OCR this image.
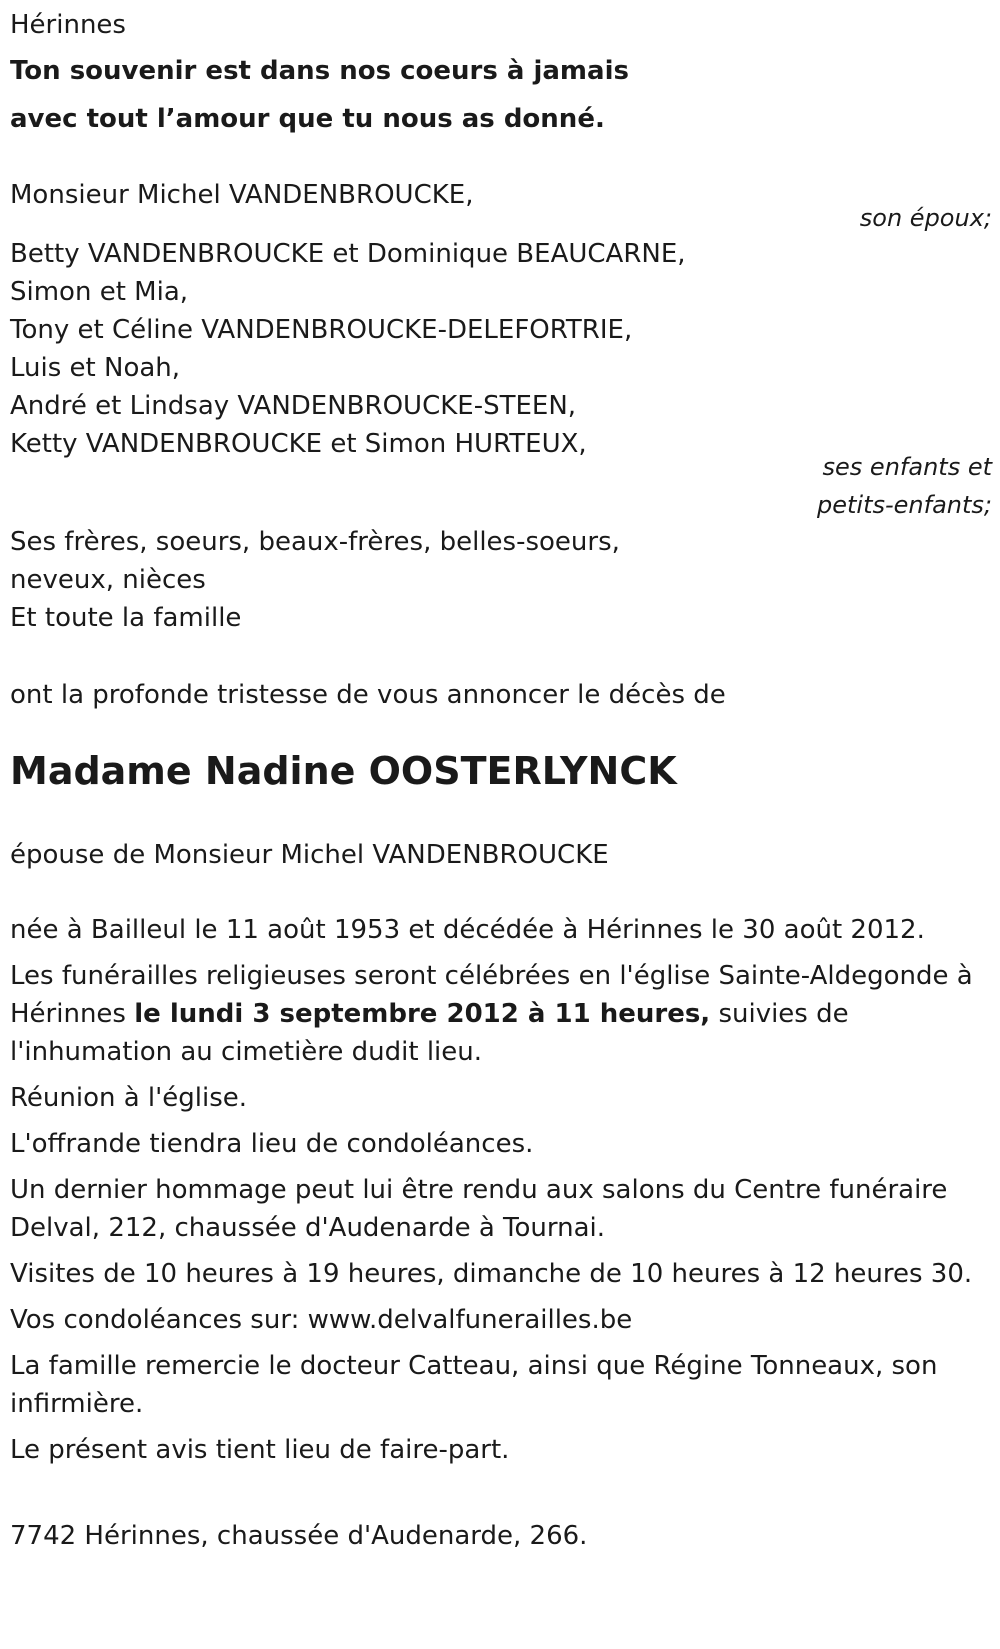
Hérinnes
Ton souvenir est dans nos coeurs à jamais
avec tout l’amour que tu nous as donné.
Monsieur Michel VANDENBROUCKE,
son époux;
Betty VANDENBROUCKE et Dominique BEAUCARNE,
Simon et Mia,
Tony et Céline VANDENBROUCKE-DELEFORTRIE,
Luis et Noah,
André et Lindsay VANDENBROUCKE-STEEN,
Ketty VANDENBROUCKE et Simon HURTEUX,
ses enfants et
petits-enfants;
Ses frères, soeurs, beaux-frères, belles-soeurs,
neveux, nièces
Et toute la famille
ont la profonde tristesse de vous annoncer le décès de
Madame Nadine OOSTERLYNCK
épouse de Monsieur Michel VANDENBROUCKE
née à Bailleul le 11 août 1953 et décédée à Hérinnes le 30 août 2012.
Les funérailles religieuses seront célébrées en l'église Sainte-Aldegonde à Hérinnes le lundi 3 septembre 2012 à 11 heures, suivies de l'inhumation au cimetière dudit lieu.
Réunion à l'église.
L'offrande tiendra lieu de condoléances.
Un dernier hommage peut lui être rendu aux salons du Centre funéraire Delval, 212, chaussée d'Audenarde à Tournai.
Visites de 10 heures à 19 heures, dimanche de 10 heures à 12 heures 30.
Vos condoléances sur: www.delvalfunerailles.be
La famille remercie le docteur Catteau, ainsi que Régine Tonneaux, son infirmière.
Le présent avis tient lieu de faire-part.
7742 Hérinnes, chaussée d'Audenarde, 266.
